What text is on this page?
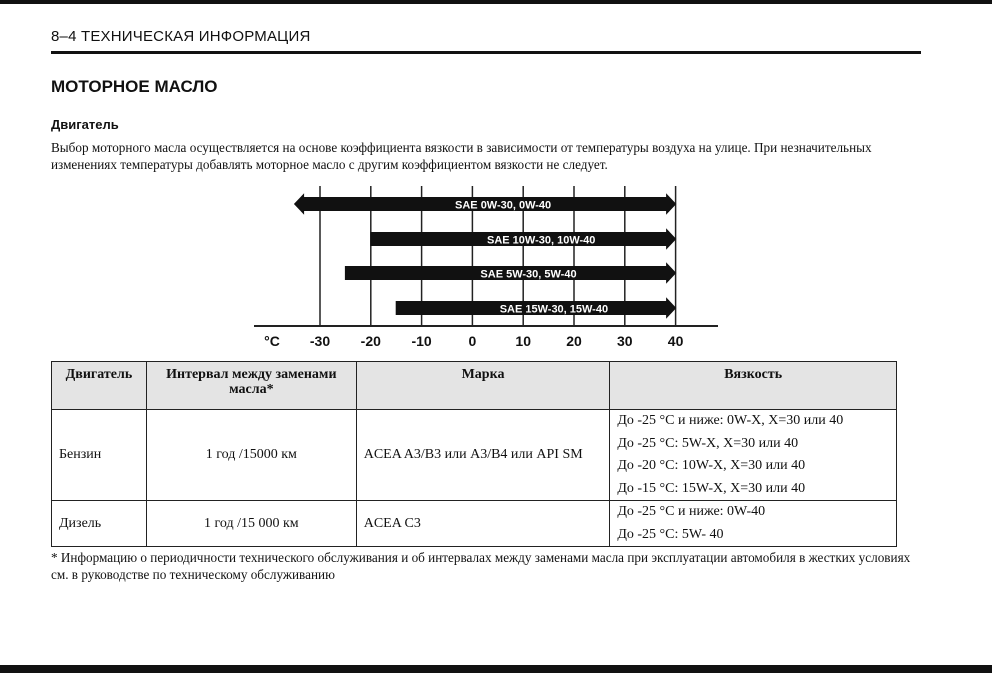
8–4 ТЕХНИЧЕСКАЯ ИНФОРМАЦИЯ
МОТОРНОЕ МАСЛО
Двигатель
Выбор моторного масла осуществляется на основе коэффициента вязкости в зависимости от температуры воздуха на улице. При незначительных изменениях температуры добавлять моторное масло с другим коэффициентом вязкости не следует.
SAE 0W-30, 0W-40
SAE 10W-30, 10W-40
SAE 5W-30, 5W-40
SAE 15W-30, 15W-40
°C -30 -20 -10	0	10	20	30	40
Двигатель	Интервал между заменами масла*	Марка	Вязкость
Бензин	1 год /15000 км	ACEA A3/B3 или A3/B4 или API SM	До -25 °C и ниже: 0W-X, X=30 или 40
До -25 °C: 5W-X, X=30 или 40
До -20 °C: 10W-X, X=30 или 40
До -15 °C: 15W-X, X=30 или 40

Дизель	1 год /15 000 км	ACEA C3	До -25 °C и ниже: 0W-40
До -25 °C: 5W- 40
* Информацию о периодичности технического обслуживания и об интервалах между заменами масла при эксплуатации автомобиля в жестких условиях см. в руководстве по техническому обслуживанию
